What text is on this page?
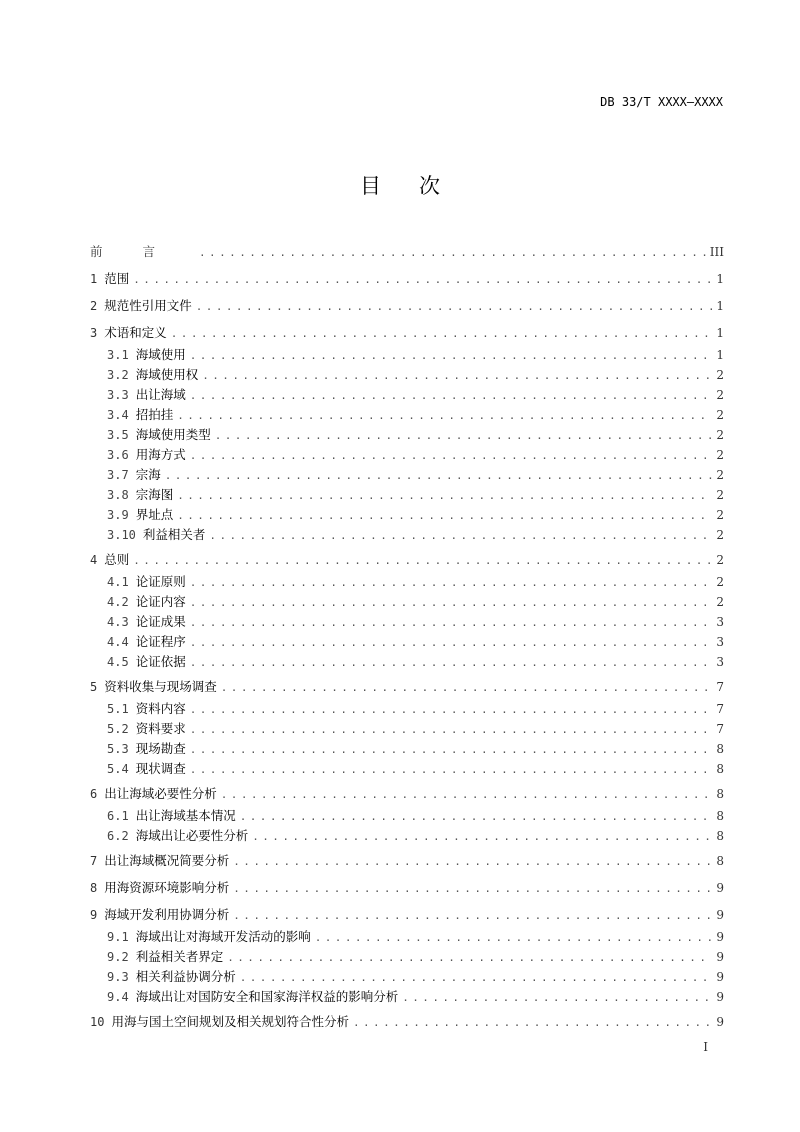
DB 33/T XXXX—XXXX
目次
前言 . . .	III
1 范围 . . .	1
2 规范性引用文件 . . .	1
3 术语和定义 . . .	1
3.1 海域使用 . . .	1
3.2 海域使用权 . . .	2
3.3 出让海域 . . .	2
3.4 招拍挂 . . .	2
3.5 海域使用类型 . . .	2
3.6 用海方式 . . .	2
3.7 宗海 . . .	2
3.8 宗海图 . . .	2
3.9 界址点 . . .	2
3.10 利益相关者 . . .	2
4 总则 . . .	2
4.1 论证原则 . . .	2
4.2 论证内容 . . .	2
4.3 论证成果 . . .	3
4.4 论证程序 . . .	3
4.5 论证依据 . . .	3
5 资料收集与现场调查 . . .	7
5.1 资料内容 . . .	7
5.2 资料要求 . . .	7
5.3 现场勘查 . . .	8
5.4 现状调查 . . .	8
6 出让海域必要性分析 . . .	8
6.1 出让海域基本情况 . . .	8
6.2 海域出让必要性分析 . . .	8
7 出让海域概况简要分析 . . .	8
8 用海资源环境影响分析 . . .	9
9 海域开发利用协调分析 . . .	9
9.1 海域出让对海域开发活动的影响 . . .	9
9.2 利益相关者界定 . . .	9
9.3 相关利益协调分析 . . .	9
9.4 海域出让对国防安全和国家海洋权益的影响分析 . . .	9
10 用海与国土空间规划及相关规划符合性分析 . . .	9
I
